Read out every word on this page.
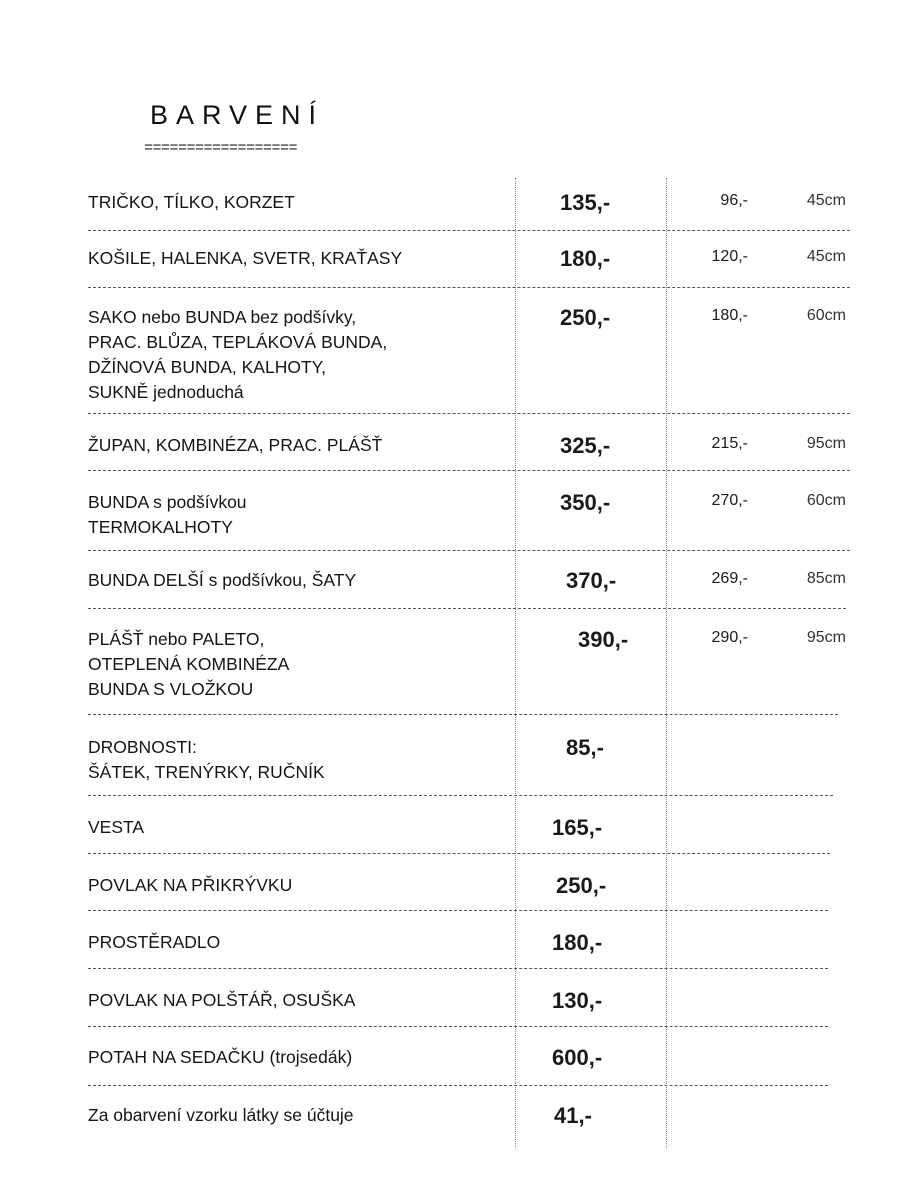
BARVENÍ
==================
TRIČKO, TÍLKO, KORZET	135,-	96,-	45cm
KOŠILE, HALENKA, SVETR, KRAŤASY	180,-	120,-	45cm
SAKO nebo BUNDA bez podšívky,
PRAC. BLŮZA, TEPLÁKOVÁ BUNDA,
DŽÍNOVÁ BUNDA, KALHOTY,
SUKNĚ jednoduchá
250,-	180,-	60cm
ŽUPAN, KOMBINÉZA, PRAC. PLÁŠŤ	325,-	215,-	95cm
BUNDA s podšívkou
TERMOKALHOTY
350,-	270,-	60cm
BUNDA DELŠÍ s podšívkou, ŠATY	370,-	269,-	85cm
PLÁŠŤ nebo PALETO,
OTEPLENÁ KOMBINÉZA
BUNDA S VLOŽKOU
390,-	290,-	95cm
DROBNOSTI:
ŠÁTEK, TRENÝRKY, RUČNÍK
85,-
VESTA	165,-
POVLAK NA PŘIKRÝVKU	250,-
PROSTĚRADLO	180,-
POVLAK NA POLŠTÁŘ, OSUŠKA	130,-
POTAH NA SEDAČKU (trojsedák)	600,-
Za obarvení vzorku látky se účtuje	41,-
